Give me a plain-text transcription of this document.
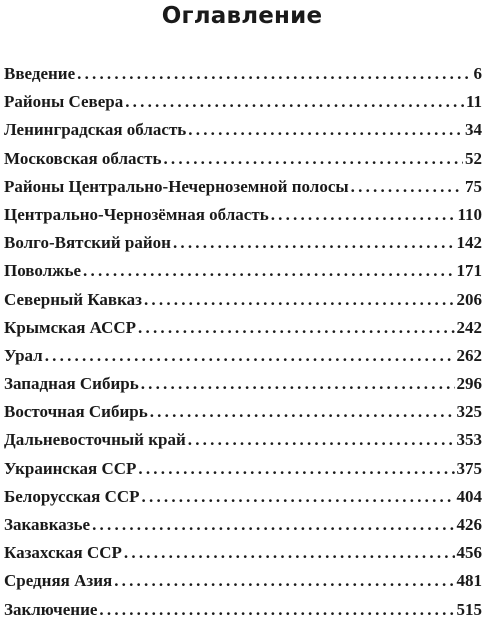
Оглавление
Введение .....	6
Районы Севера .....	11
Ленинградская область .....	34
Московская область .....	52
Районы Центрально-Нечерноземной полосы .....	75
Центрально-Чернозёмная область .....	110
Волго-Вятский район .....	142
Поволжье .....	171
Северный Кавказ .....	206
Крымская АССР .....	242
Урал .....	262
Западная Сибирь .....	296
Восточная Сибирь .....	325
Дальневосточный край .....	353
Украинская ССР .....	375
Белорусская ССР .....	404
Закавказье .....	426
Казахская ССР .....	456
Средняя Азия .....	481
Заключение .....	515
